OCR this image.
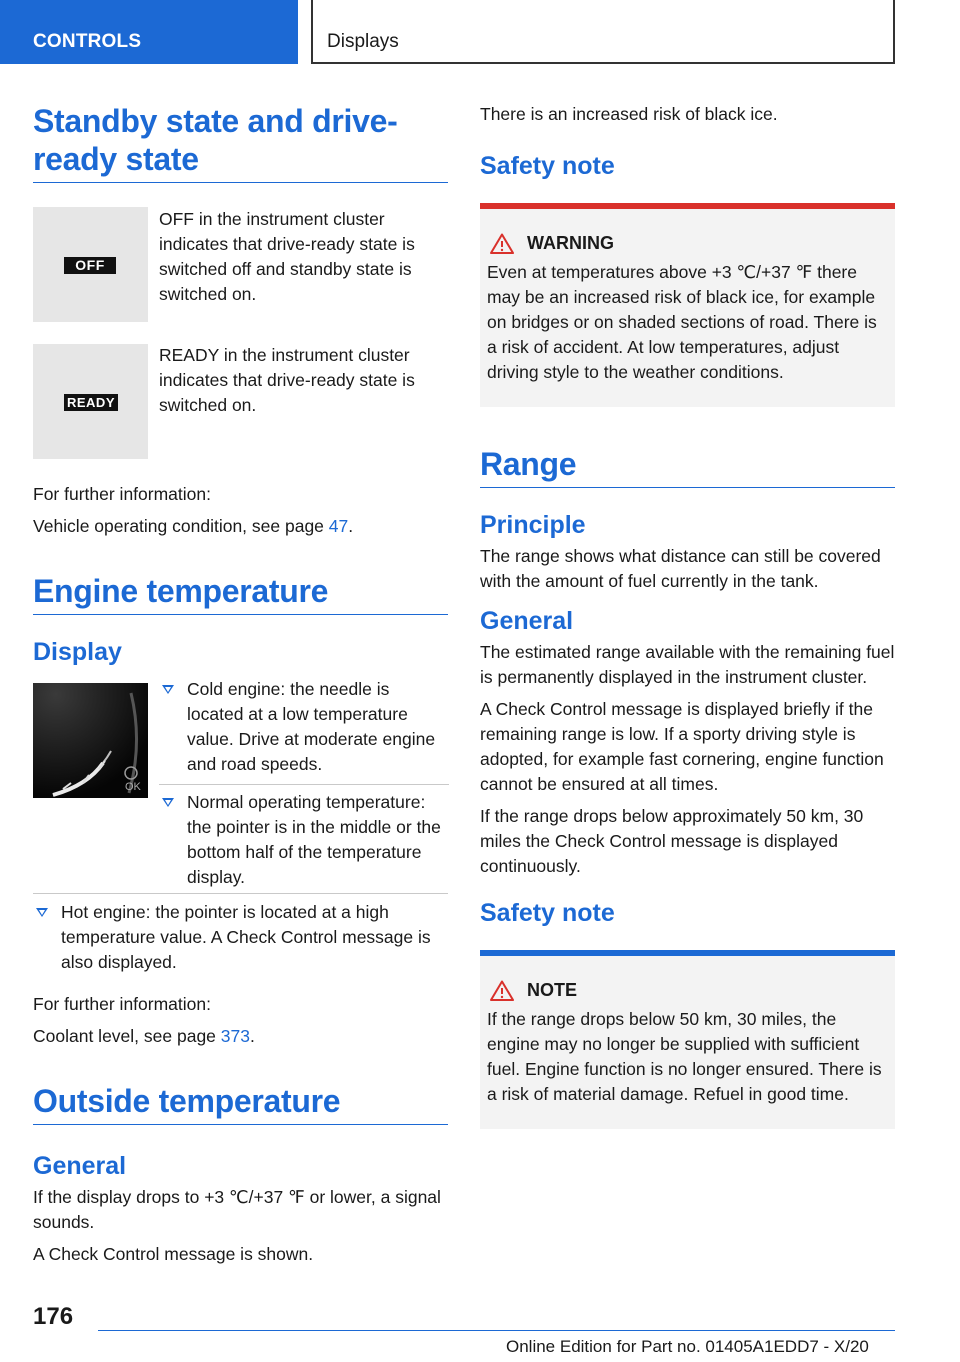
CONTROLS	Displays
Standby state and drive-ready state
OFF
OFF in the instrument cluster indicates that drive-ready state is switched off and standby state is switched on.
READY
READY in the instrument cluster indicates that drive-ready state is switched on.
For further information:
Vehicle operating condition, see page 47.
Engine temperature
Display
OK
Cold engine: the needle is located at a low temperature value. Drive at moderate engine and road speeds.
Normal operating temperature: the pointer is in the middle or the bottom half of the temperature display.
Hot engine: the pointer is located at a high temperature value. A Check Control message is also displayed.
For further information:
Coolant level, see page 373.
Outside temperature
General
If the display drops to +3 ℃/+37 ℉ or lower, a signal sounds.
A Check Control message is shown.
There is an increased risk of black ice.
Safety note
WARNING
Even at temperatures above +3 ℃/+37 ℉ there may be an increased risk of black ice, for example on bridges or on shaded sections of road. There is a risk of accident. At low temperatures, adjust driving style to the weather conditions.
Range
Principle
The range shows what distance can still be covered with the amount of fuel currently in the tank.
General
The estimated range available with the remaining fuel is permanently displayed in the instrument cluster.
A Check Control message is displayed briefly if the remaining range is low. If a sporty driving style is adopted, for example fast cornering, engine function cannot be ensured at all times.
If the range drops below approximately 50 km, 30 miles the Check Control message is displayed continuously.
Safety note
NOTE
If the range drops below 50 km, 30 miles, the engine may no longer be supplied with sufficient fuel. Engine function is no longer ensured. There is a risk of material damage. Refuel in good time.
176
Online Edition for Part no. 01405A1EDD7 - X/20
